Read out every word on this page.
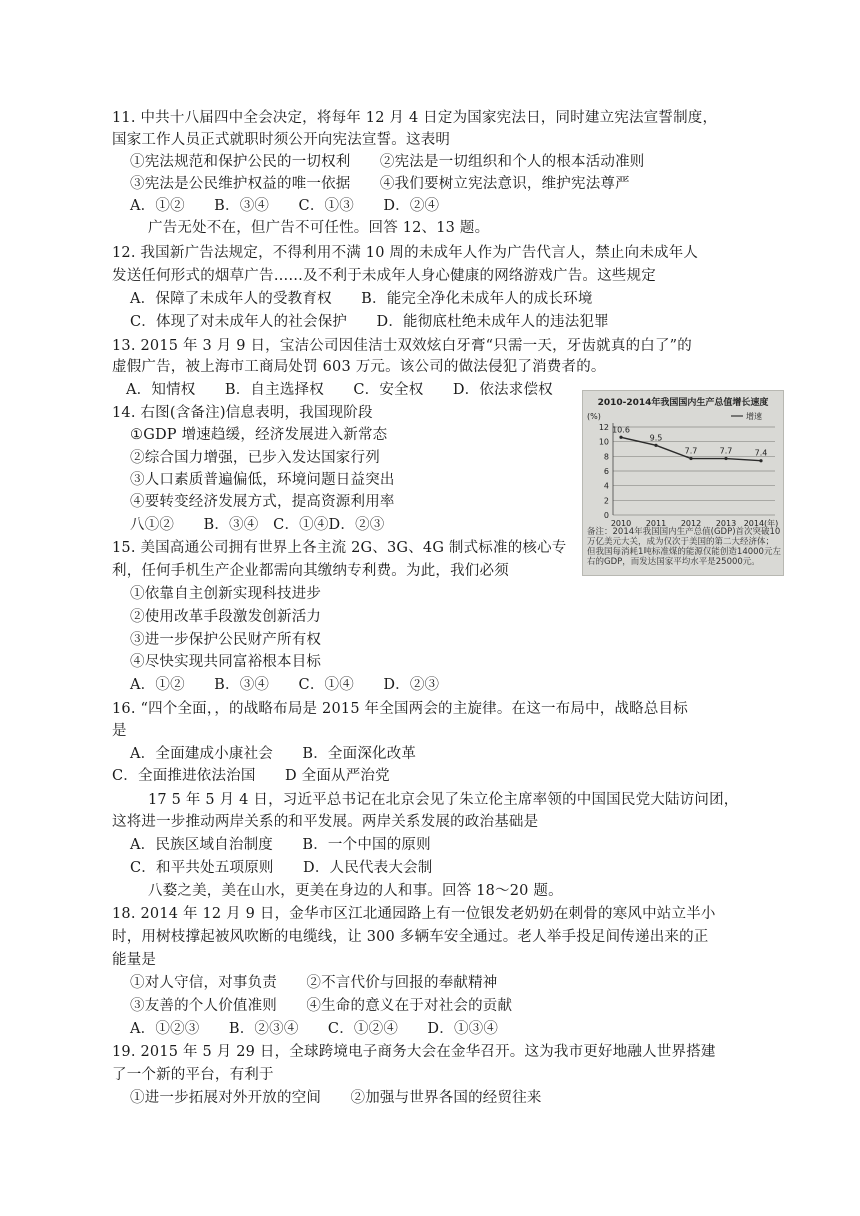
11. 中共十八届四中全会决定，将每年 12 月 4 日定为国家宪法日，同时建立宪法宣誓制度，
国家工作人员正式就职时须公开向宪法宣誓。这表明
①宪法规范和保护公民的一切权利　　②宪法是一切组织和个人的根本活动准则
③宪法是公民维护权益的唯一依据　　④我们要树立宪法意识，维护宪法尊严
A．①②　　B．③④　　C．①③　　D．②④
广告无处不在，但广告不可任性。回答 12、13 题。
12. 我国新广告法规定，不得利用不满 10 周的未成年人作为广告代言人，禁止向未成年人
发送任何形式的烟草广告……及不利于未成年人身心健康的网络游戏广告。这些规定
A．保障了未成年人的受教育权　　B．能完全净化未成年人的成长环境
C．体现了对未成年人的社会保护　　D．能彻底杜绝未成年人的违法犯罪
13. 2015 年 3 月 9 日，宝洁公司因佳洁士双效炫白牙膏“只需一天，牙齿就真的白了”的
虚假广告，被上海市工商局处罚 603 万元。该公司的做法侵犯了消费者的。
A．知情权　　B．自主选择权　　C．安全权　　D．依法求偿权
14. 右图(含备注)信息表明，我国现阶段
①GDP 增速趋缓，经济发展进入新常态
②综合国力增强，已步入发达国家行列
③人口素质普遍偏低，环境问题日益突出
④要转变经济发展方式，提高资源利用率
八①②　　B．③④　C．①④D．②③
15. 美国高通公司拥有世界上各主流 2G、3G、4G 制式标准的核心专
利，任何手机生产企业都需向其缴纳专利费。为此，我们必须
①依靠自主创新实现科技进步
②使用改革手段激发创新活力
③进一步保护公民财产所有权
④尽快实现共同富裕根本目标
A．①②　　B．③④　　C．①④　　D．②③
16. “四个全面，，的战略布局是 2015 年全国两会的主旋律。在这一布局中，战略总目标
是
A．全面建成小康社会　　B．全面深化改革
C．全面推进依法治国　　D 全面从严治党
17 5 年 5 月 4 日，习近平总书记在北京会见了朱立伦主席率领的中国国民党大陆访问团，
这将进一步推动两岸关系的和平发展。两岸关系发展的政治基础是
A．民族区域自治制度　　B．一个中国的原则
C．和平共处五项原则　　D．人民代表大会制
八婺之美，美在山水，更美在身边的人和事。回答 18～20 题。
18. 2014 年 12 月 9 日，金华市区江北通园路上有一位银发老奶奶在刺骨的寒风中站立半小
时，用树枝撑起被风吹断的电缆线，让 300 多辆车安全通过。老人举手投足间传递出来的正
能量是
①对人守信，对事负责　　②不言代价与回报的奉献精神
③友善的个人价值准则　　④生命的意义在于对社会的贡献
A．①②③　　B．②③④　　C．①②④　　D．①③④
19. 2015 年 5 月 29 日，全球跨境电子商务大会在金华召开。这为我市更好地融人世界搭建
了一个新的平台，有利于
①进一步拓展对外开放的空间　　②加强与世界各国的经贸往来
2010-2014年我国国内生产总值增长速度
增速
(%)
12
10
8
6
4
2
0
2010 2011 2012 2013 2014(年)
10.6
9.5
7.7	7.7	7.4
备注：2014年我国国内生产总值(GDP)首次突破10万亿美元大关，成为仅次于美国的第二大经济体；但我国每消耗1吨标准煤的能源仅能创造14000元左右的GDP，而发达国家平均水平是25000元。
